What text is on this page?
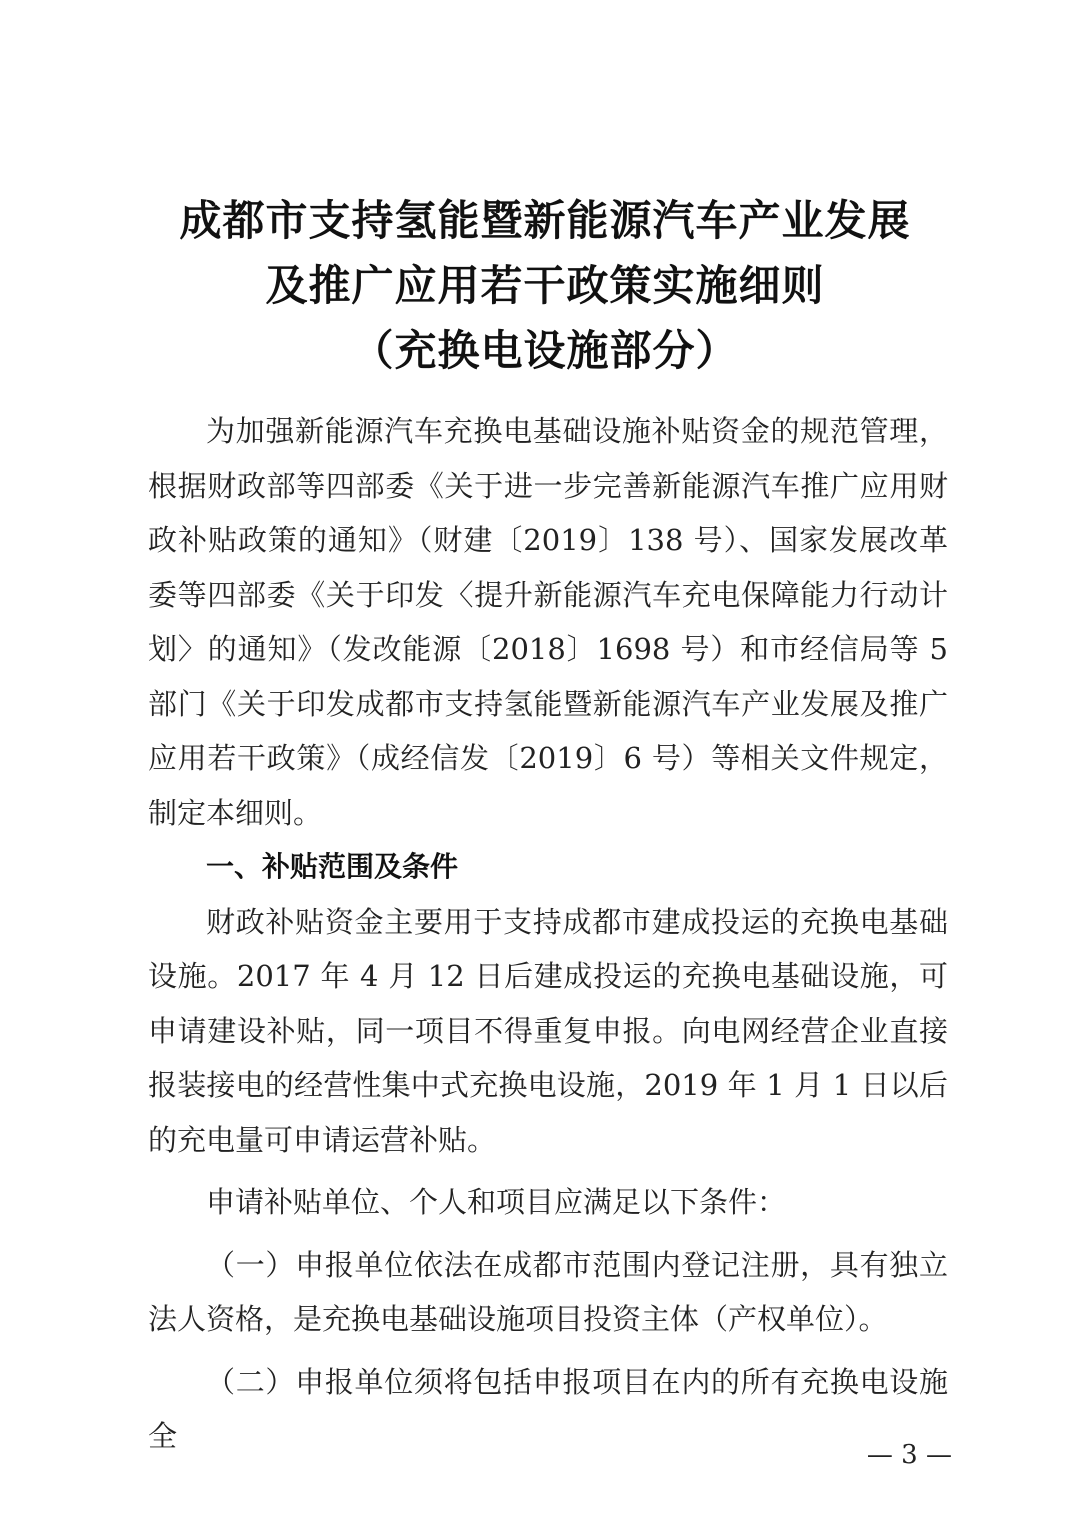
成都市支持氢能暨新能源汽车产业发展
及推广应用若干政策实施细则
（充换电设施部分）

为加强新能源汽车充换电基础设施补贴资金的规范管理，根据财政部等四部委《关于进一步完善新能源汽车推广应用财政补贴政策的通知》（财建〔2019〕138 号）、国家发展改革委等四部委《关于印发〈提升新能源汽车充电保障能力行动计划〉的通知》（发改能源〔2018〕1698 号）和市经信局等 5 部门《关于印发成都市支持氢能暨新能源汽车产业发展及推广应用若干政策》（成经信发〔2019〕6 号）等相关文件规定，制定本细则。

一、补贴范围及条件

财政补贴资金主要用于支持成都市建成投运的充换电基础设施。2017 年 4 月 12 日后建成投运的充换电基础设施，可申请建设补贴，同一项目不得重复申报。向电网经营企业直接报装接电的经营性集中式充换电设施，2019 年 1 月 1 日以后的充电量可申请运营补贴。

申请补贴单位、个人和项目应满足以下条件：

（一）申报单位依法在成都市范围内登记注册，具有独立法人资格，是充换电基础设施项目投资主体（产权单位）。

（二）申报单位须将包括申报项目在内的所有充换电设施全

— 3 —
